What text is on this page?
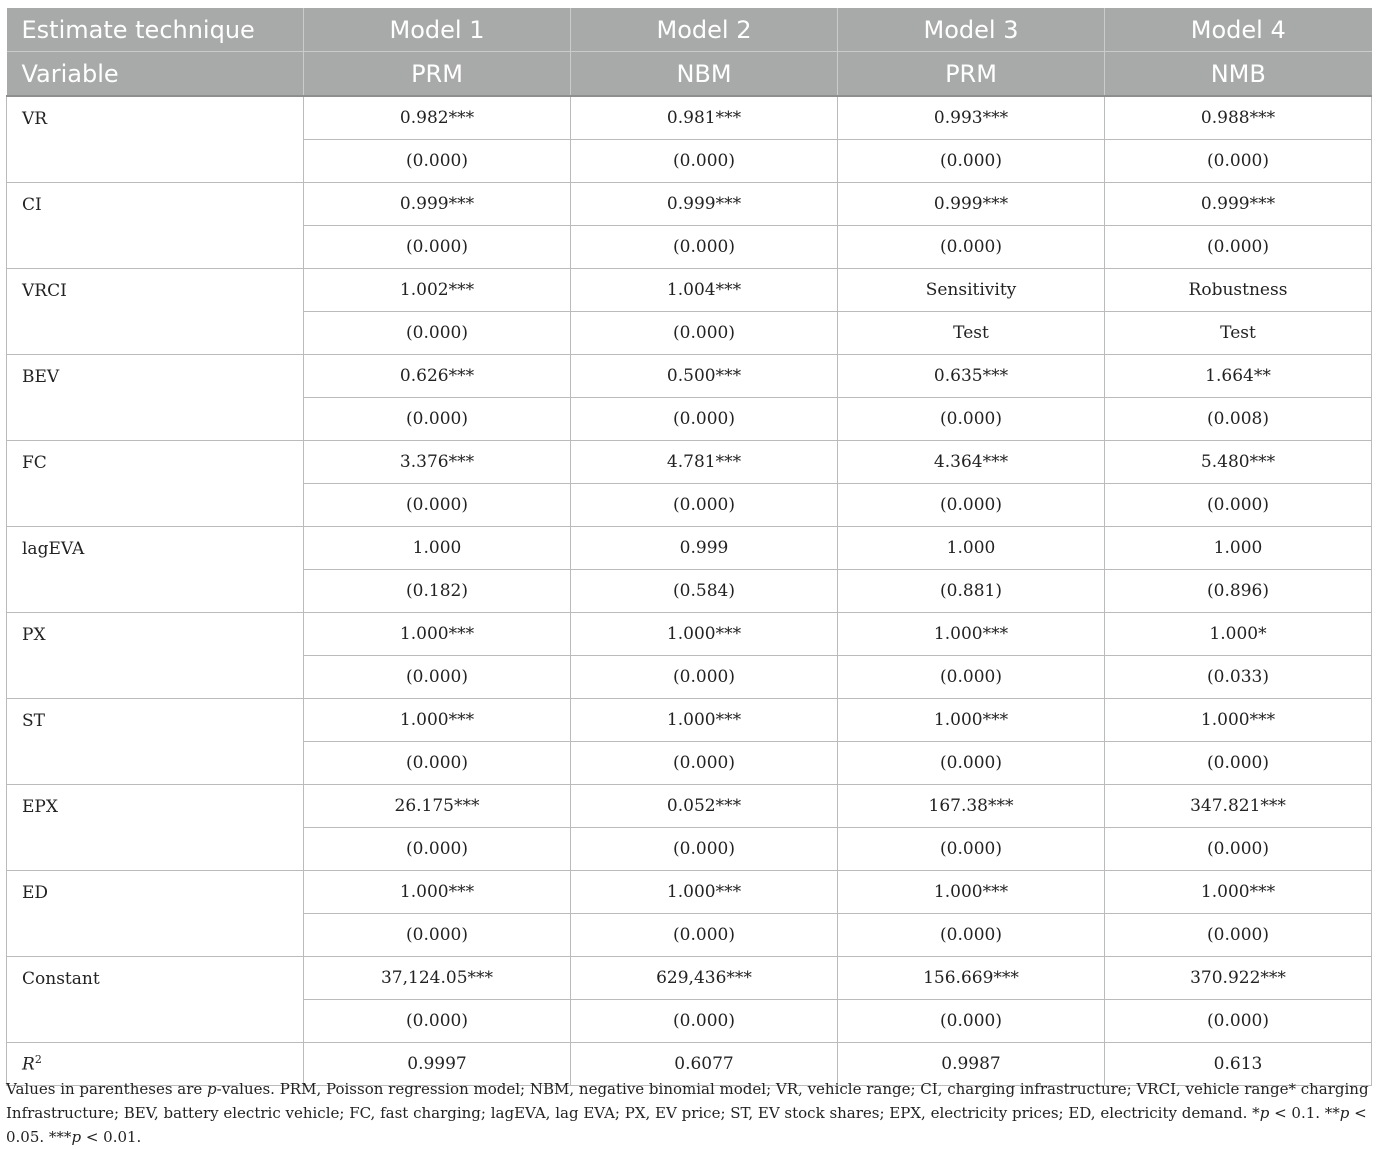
Estimate technique	Model 1	Model 2	Model 3	Model 4
Variable	PRM	NBM	PRM	NMB
VR	0.982***	0.981***	0.993***	0.988***
	(0.000)	(0.000)	(0.000)	(0.000)
CI	0.999***	0.999***	0.999***	0.999***
	(0.000)	(0.000)	(0.000)	(0.000)
VRCI	1.002***	1.004***	Sensitivity	Robustness
	(0.000)	(0.000)	Test	Test
BEV	0.626***	0.500***	0.635***	1.664**
	(0.000)	(0.000)	(0.000)	(0.008)
FC	3.376***	4.781***	4.364***	5.480***
	(0.000)	(0.000)	(0.000)	(0.000)
lagEVA	1.000	0.999	1.000	1.000
	(0.182)	(0.584)	(0.881)	(0.896)
PX	1.000***	1.000***	1.000***	1.000*
	(0.000)	(0.000)	(0.000)	(0.033)
ST	1.000***	1.000***	1.000***	1.000***
	(0.000)	(0.000)	(0.000)	(0.000)
EPX	26.175***	0.052***	167.38***	347.821***
	(0.000)	(0.000)	(0.000)	(0.000)
ED	1.000***	1.000***	1.000***	1.000***
	(0.000)	(0.000)	(0.000)	(0.000)
Constant	37,124.05***	629,436***	156.669***	370.922***
	(0.000)	(0.000)	(0.000)	(0.000)
$R^2$	0.9997	0.6077	0.9987	0.613
Values in parentheses are p-values. PRM, Poisson regression model; NBM, negative binomial model; VR, vehicle range; CI, charging infrastructure; VRCI, vehicle range* charging Infrastructure; BEV, battery electric vehicle; FC, fast charging; lagEVA, lag EVA; PX, EV price; ST, EV stock shares; EPX, electricity prices; ED, electricity demand. *p < 0.1. **p < 0.05. ***p < 0.01.
